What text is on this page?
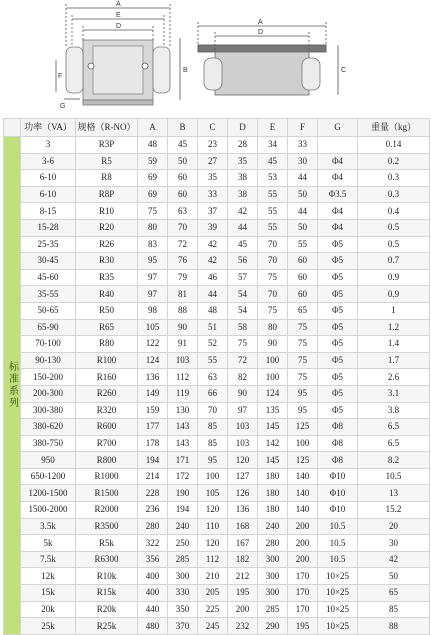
A
E
D
B
F
G
A
D
C
	功率（VA）	规格（R-NO）	A	B	C	D	E	F	G	重量（kg）

标准系列	3	R3P	48	45	23	28	34	33		0.14
	3-6	R5	59	50	27	35	45	30	Φ4	0.2
	6-10	R8	69	60	35	38	53	44	Φ4	0.3
	6-10	R8P	69	60	33	38	55	50	Φ3.5	0.3
	8-15	R10	75	63	37	42	55	44	Φ4	0.4
	15-28	R20	80	70	39	44	55	50	Φ4	0.5
	25-35	R26	83	72	42	45	70	55	Φ5	0.5
	30-45	R30	95	76	42	56	70	60	Φ5	0.7
	45-60	R35	97	79	46	57	75	60	Φ5	0.9
	35-55	R40	97	81	44	54	70	60	Φ5	0.9
	50-65	R50	98	88	48	54	75	65	Φ5	1
	65-90	R65	105	90	51	58	80	75	Φ5	1.2
	70-100	R80	122	91	52	75	90	75	Φ5	1.4
	90-130	R100	124	103	55	72	100	75	Φ5	1.7
	150-200	R160	136	112	63	82	100	75	Φ5	2.6
	200-300	R260	149	119	66	90	124	95	Φ5	3.1
	300-380	R320	159	130	70	97	135	95	Φ5	3.8
	380-620	R600	177	143	85	103	145	125	Φ8	6.5
	380-750	R700	178	143	85	103	142	100	Φ8	6.5
	950	R800	194	171	95	120	145	125	Φ8	8.2
	650-1200	R1000	214	172	100	127	180	140	Φ10	10.5
	1200-1500	R1500	228	190	105	126	180	140	Φ10	13
	1500-2000	R2000	236	194	120	136	180	140	Φ10	15.2
	3.5k	R3500	280	240	110	168	240	200	10.5	20
	5k	R5k	322	250	120	167	280	200	10.5	30
	7.5k	R6300	356	285	112	182	300	200	10.5	42
	12k	R10k	400	300	210	212	300	170	10×25	50
	15k	R15k	400	330	205	195	300	170	10×25	65
	20k	R20k	440	350	225	200	285	170	10×25	85
	25k	R25k	480	370	245	232	290	195	10×25	88
